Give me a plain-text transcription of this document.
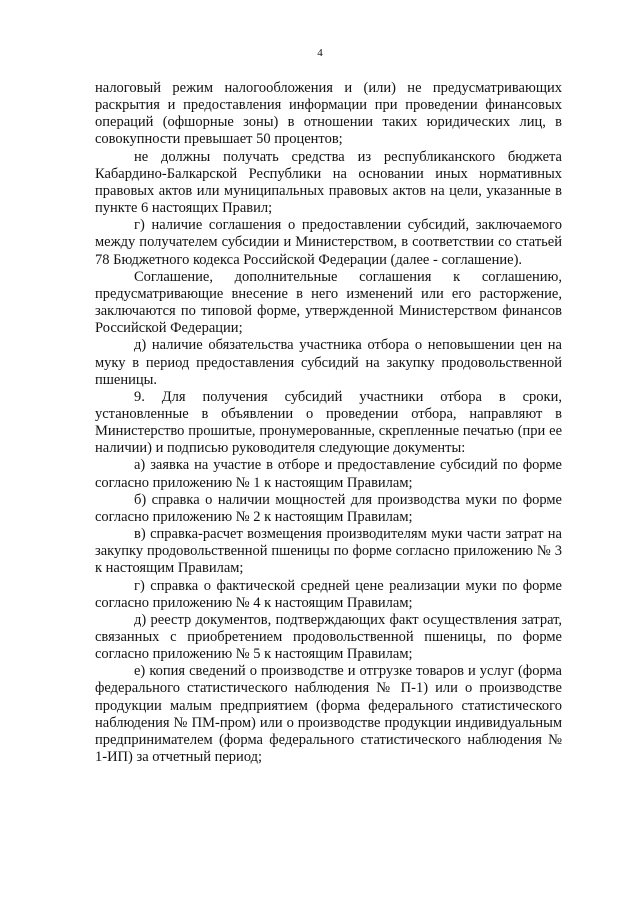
4

налоговый режим налогообложения и (или) не предусматривающих раскрытия и предоставления информации при проведении финансовых операций (офшорные зоны) в отношении таких юридических лиц, в совокупности превышает 50 процентов;

не должны получать средства из республиканского бюджета Кабардино-Балкарской Республики на основании иных нормативных правовых актов или муниципальных правовых актов на цели, указанные в пункте 6 настоящих Правил;

г) наличие соглашения о предоставлении субсидий, заключаемого между получателем субсидии и Министерством, в соответствии со статьей 78 Бюджетного кодекса Российской Федерации (далее - соглашение).

Соглашение, дополнительные соглашения к соглашению, предусматривающие внесение в него изменений или его расторжение, заключаются по типовой форме, утвержденной Министерством финансов Российской Федерации;

д) наличие обязательства участника отбора о неповышении цен на муку в период предоставления субсидий на закупку продовольственной пшеницы.

9. Для получения субсидий участники отбора в сроки, установленные в объявлении о проведении отбора, направляют в Министерство прошитые, пронумерованные, скрепленные печатью (при ее наличии) и подписью руководителя следующие документы:

а) заявка на участие в отборе и предоставление субсидий по форме согласно приложению № 1 к настоящим Правилам;

б) справка о наличии мощностей для производства муки по форме согласно приложению № 2 к настоящим Правилам;

в) справка-расчет возмещения производителям муки части затрат на закупку продовольственной пшеницы по форме согласно приложению № 3 к настоящим Правилам;

г) справка о фактической средней цене реализации муки по форме согласно приложению № 4 к настоящим Правилам;

д) реестр документов, подтверждающих факт осуществления затрат, связанных с приобретением продовольственной пшеницы, по форме согласно приложению № 5 к настоящим Правилам;

е) копия сведений о производстве и отгрузке товаров и услуг (форма федерального статистического наблюдения № П-1) или о производстве продукции малым предприятием (форма федерального статистического наблюдения № ПМ-пром) или о производстве продукции индивидуальным предпринимателем (форма федерального статистического наблюдения № 1-ИП) за отчетный период;
